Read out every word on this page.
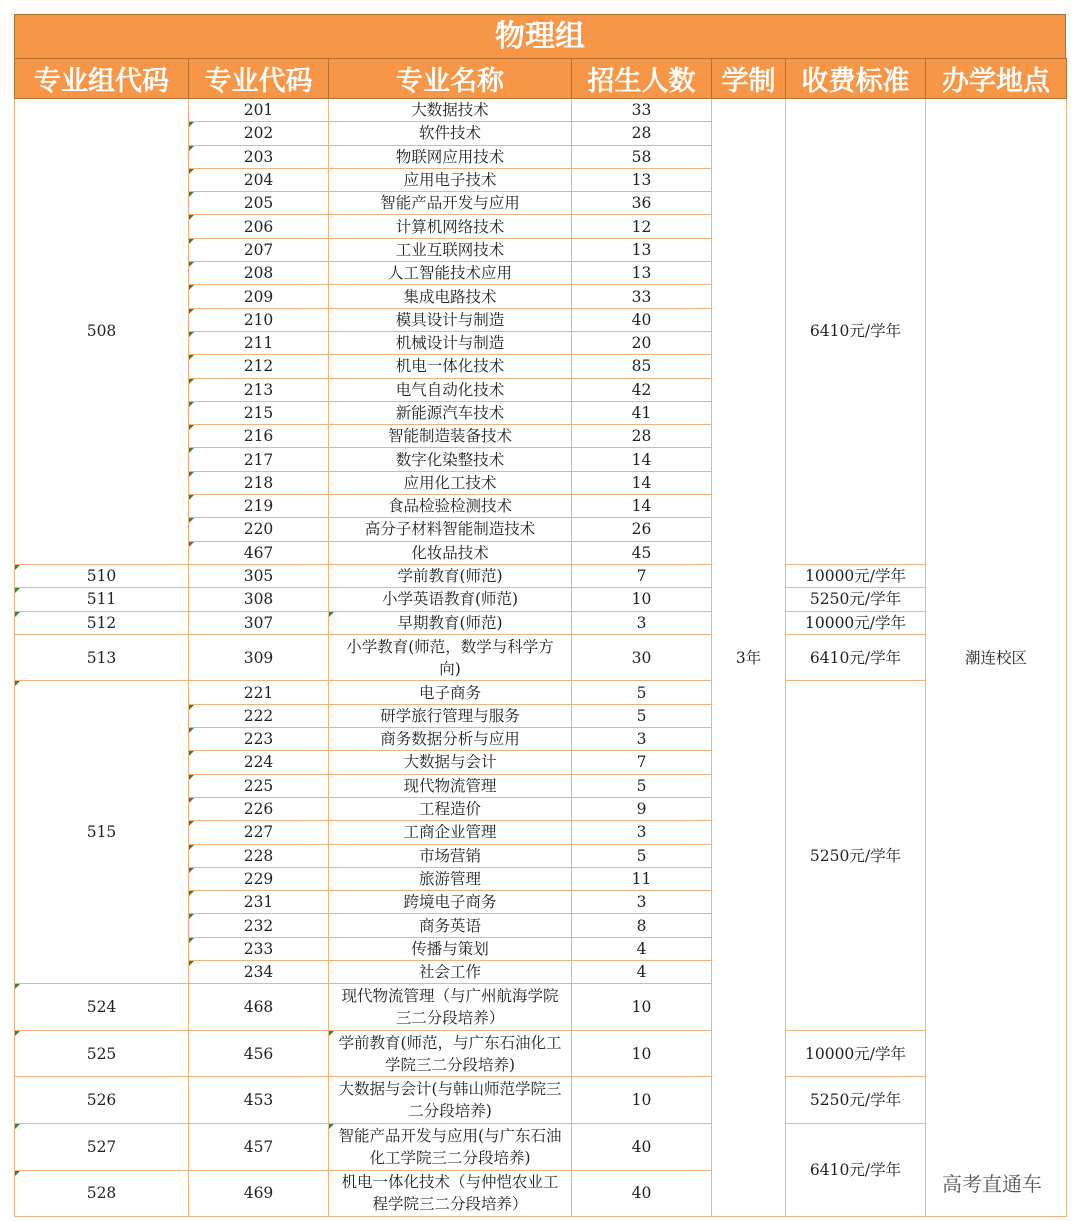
物理组
专业组代码	专业代码	专业名称	招生人数	学制	收费标准	办学地点
508	201	大数据技术	33	3年	6410元/学年	潮连校区
	202	软件技术	28			
	203	物联网应用技术	58			
	204	应用电子技术	13			
	205	智能产品开发与应用	36			
	206	计算机网络技术	12			
	207	工业互联网技术	13			
	208	人工智能技术应用	13			
	209	集成电路技术	33			
	210	模具设计与制造	40			
	211	机械设计与制造	20			
	212	机电一体化技术	85			
	213	电气自动化技术	42			
	215	新能源汽车技术	41			
	216	智能制造装备技术	28			
	217	数字化染整技术	14			
	218	应用化工技术	14			
	219	食品检验检测技术	14			
	220	高分子材料智能制造技术	26			
	467	化妆品技术	45			
510	305	学前教育(师范)	7		10000元/学年	
511	308	小学英语教育(师范)	10		5250元/学年	
512	307	早期教育(师范)	3		10000元/学年	
513	309	小学教育(师范，数学与科学方向)	30		6410元/学年	
515	221	电子商务	5		5250元/学年	
	222	研学旅行管理与服务	5			
	223	商务数据分析与应用	3			
	224	大数据与会计	7			
	225	现代物流管理	5			
	226	工程造价	9			
	227	工商企业管理	3			
	228	市场营销	5			
	229	旅游管理	11			
	231	跨境电子商务	3			
	232	商务英语	8			
	233	传播与策划	4			
	234	社会工作	4			
524	468	现代物流管理（与广州航海学院三二分段培养）	10			
525	456	学前教育(师范，与广东石油化工学院三二分段培养)	10		10000元/学年	
526	453	大数据与会计(与韩山师范学院三二分段培养)	10		5250元/学年	
527	457	智能产品开发与应用(与广东石油化工学院三二分段培养)	40		6410元/学年	
528	469	机电一体化技术（与仲恺农业工程学院三二分段培养）	40				高考直通车
